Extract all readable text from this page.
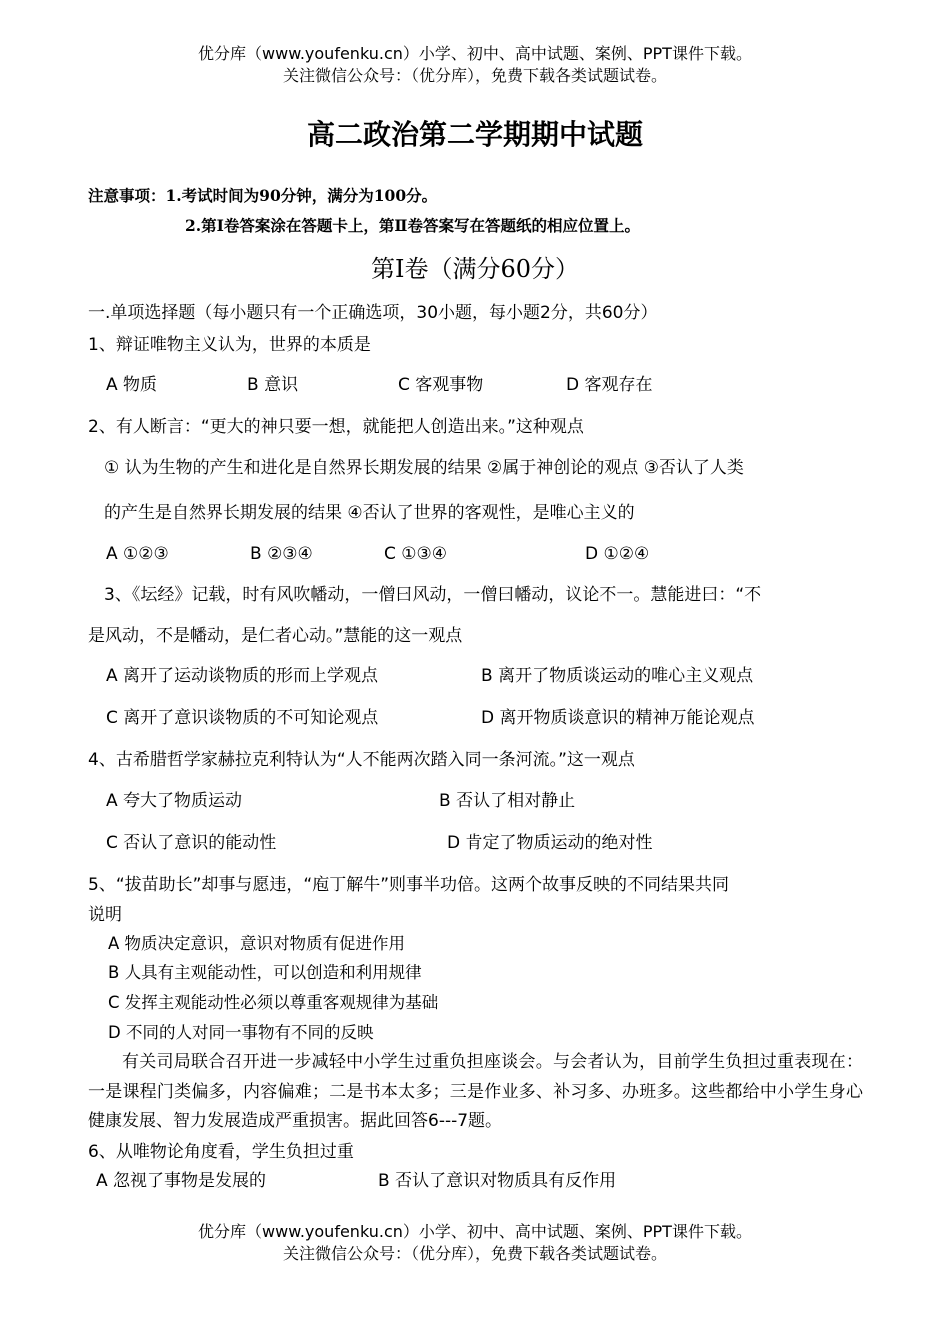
优分库（www.youfenku.cn）小学、初中、高中试题、案例、PPT课件下载。
关注微信公众号：（优分库），免费下载各类试题试卷。
高二政治第二学期期中试题
注意事项：1.考试时间为90分钟，满分为100分。
2.第Ⅰ卷答案涂在答题卡上，第Ⅱ卷答案写在答题纸的相应位置上。
第Ⅰ卷（满分60分）
一.单项选择题（每小题只有一个正确选项，30小题，每小题2分，共60分）
1、辩证唯物主义认为，世界的本质是
A 物质	B 意识	C 客观事物	D 客观存在
2、有人断言：“更大的神只要一想，就能把人创造出来。”这种观点
① 认为生物的产生和进化是自然界长期发展的结果 ②属于神创论的观点 ③否认了人类
的产生是自然界长期发展的结果 ④否认了世界的客观性，是唯心主义的
A ①②③	B ②③④	C ①③④	D ①②④
3、《坛经》记载，时有风吹幡动，一僧曰风动，一僧曰幡动，议论不一。慧能进曰：“不
是风动，不是幡动，是仁者心动。”慧能的这一观点
A 离开了运动谈物质的形而上学观点	B 离开了物质谈运动的唯心主义观点
C 离开了意识谈物质的不可知论观点	D 离开物质谈意识的精神万能论观点
4、古希腊哲学家赫拉克利特认为“人不能两次踏入同一条河流。”这一观点
A 夸大了物质运动	B 否认了相对静止
C 否认了意识的能动性	D 肯定了物质运动的绝对性
5、“拔苗助长”却事与愿违，“庖丁解牛”则事半功倍。这两个故事反映的不同结果共同
说明
A 物质决定意识，意识对物质有促进作用
B 人具有主观能动性，可以创造和利用规律
C 发挥主观能动性必须以尊重客观规律为基础
D 不同的人对同一事物有不同的反映
有关司局联合召开进一步减轻中小学生过重负担座谈会。与会者认为，目前学生负担过重表现在：一是课程门类偏多，内容偏难；二是书本太多；三是作业多、补习多、办班多。这些都给中小学生身心健康发展、智力发展造成严重损害。据此回答6---7题。
6、从唯物论角度看，学生负担过重
A 忽视了事物是发展的	B 否认了意识对物质具有反作用
优分库（www.youfenku.cn）小学、初中、高中试题、案例、PPT课件下载。
关注微信公众号：（优分库），免费下载各类试题试卷。
